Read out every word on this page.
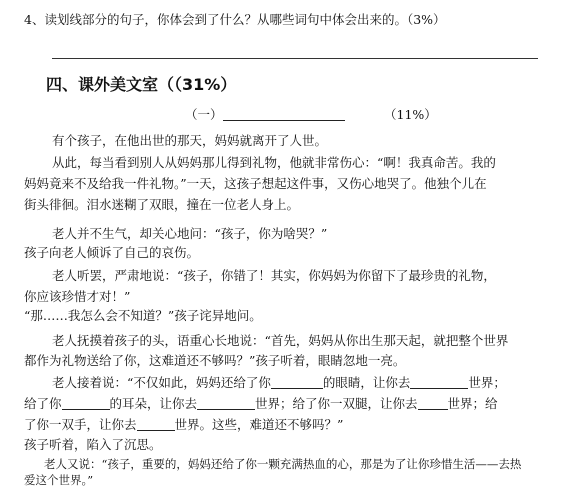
4、读划线部分的句子，你体会到了什么？从哪些词句中体会出来的。（3%）
四、课外美文室（（31%）
（一）	（11%）
有个孩子，在他出世的那天，妈妈就离开了人世。
从此，每当看到别人从妈妈那儿得到礼物，他就非常伤心：“啊！我真命苦。我的
妈妈竟来不及给我一件礼物。”一天，这孩子想起这件事，又伤心地哭了。他独个儿在
街头徘徊。泪水迷糊了双眼，撞在一位老人身上。
老人并不生气，却关心地问：“孩子，你为啥哭？”
孩子向老人倾诉了自己的哀伤。
老人听罢，严肃地说：“孩子，你错了！其实，你妈妈为你留下了最珍贵的礼物，
你应该珍惜才对！”
“那……我怎么会不知道？”孩子诧异地问。
老人抚摸着孩子的头，语重心长地说：“首先，妈妈从你出生那天起，就把整个世界
都作为礼物送给了你，这难道还不够吗？”孩子听着，眼睛忽地一亮。
老人接着说：“不仅如此，妈妈还给了你	的眼睛，让你去	世界；
给了你	的耳朵，让你去	世界；给了你一双腿，让你去 世界；给
了你一双手，让你去	世界。这些，难道还不够吗？”
孩子听着，陷入了沉思。
老人又说：“孩子，重要的，妈妈还给了你一颗充满热血的心，那是为了让你珍惜生活——去热
爱这个世界。”
